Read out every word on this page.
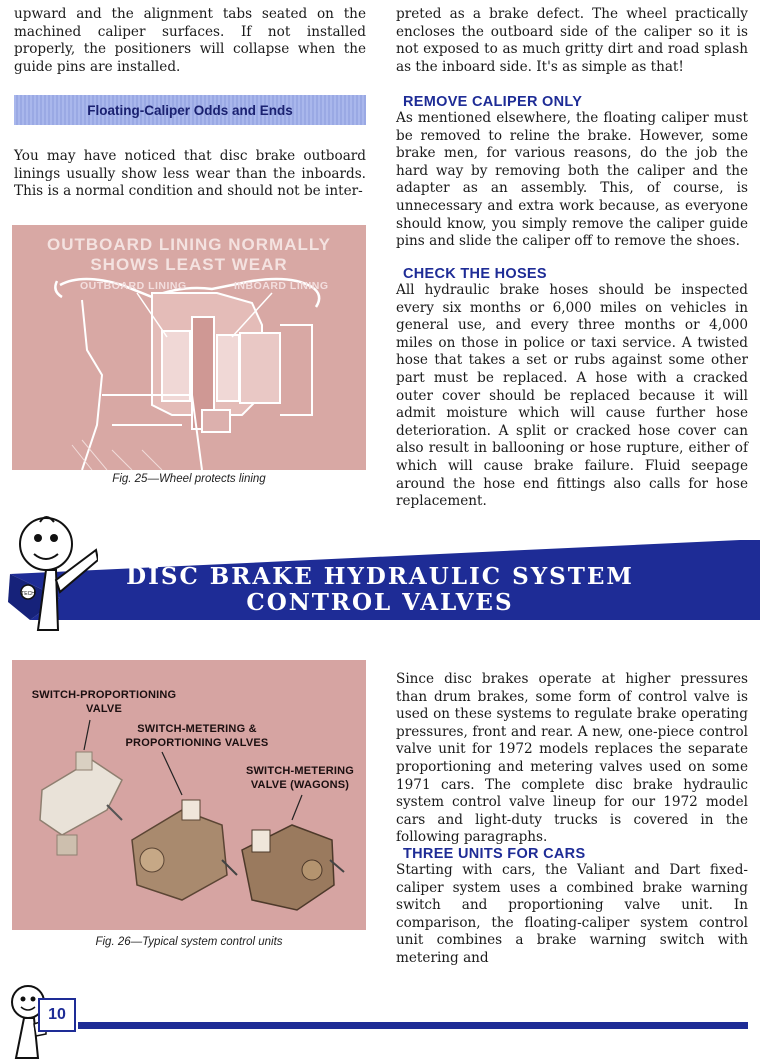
upward and the alignment tabs seated on the machined caliper surfaces. If not installed properly, the positioners will collapse when the guide pins are installed.

Floating-Caliper Odds and Ends

You may have noticed that disc brake outboard linings usually show less wear than the inboards. This is a normal condition and should not be inter-

OUTBOARD LINING NORMALLY
SHOWS LEAST WEAR
OUTBOARD LINING	INBOARD LINING
Fig. 25—Wheel protects lining

preted as a brake defect. The wheel practically encloses the outboard side of the caliper so it is not exposed to as much gritty dirt and road splash as the inboard side. It's as simple as that!

REMOVE CALIPER ONLY

As mentioned elsewhere, the floating caliper must be removed to reline the brake. However, some brake men, for various reasons, do the job the hard way by removing both the caliper and the adapter as an assembly. This, of course, is unnecessary and extra work because, as everyone should know, you simply remove the caliper guide pins and slide the caliper off to remove the shoes.

CHECK THE HOSES

All hydraulic brake hoses should be inspected every six months or 6,000 miles on vehicles in general use, and every three months or 4,000 miles on those in police or taxi service. A twisted hose that takes a set or rubs against some other part must be replaced. A hose with a cracked outer cover should be replaced because it will admit moisture which will cause further hose deterioration. A split or cracked hose cover can also result in ballooning or hose rupture, either of which will cause brake failure. Fluid seepage around the hose end fittings also calls for hose replacement.

TECH
DISC BRAKE HYDRAULIC SYSTEM
CONTROL VALVES
SWITCH-PROPORTIONING
VALVE
SWITCH-METERING &
PROPORTIONING VALVES
SWITCH-METERING
VALVE (WAGONS)
Fig. 26—Typical system control units

Since disc brakes operate at higher pressures than drum brakes, some form of control valve is used on these systems to regulate brake operating pressures, front and rear. A new, one-piece control valve unit for 1972 models replaces the separate proportioning and metering valves used on some 1971 cars. The complete disc brake hydraulic system control valve lineup for our 1972 model cars and light-duty trucks is covered in the following paragraphs.

THREE UNITS FOR CARS

Starting with cars, the Valiant and Dart fixed-caliper system uses a combined brake warning switch and proportioning valve unit. In comparison, the floating-caliper system control unit combines a brake warning switch with metering and

10
